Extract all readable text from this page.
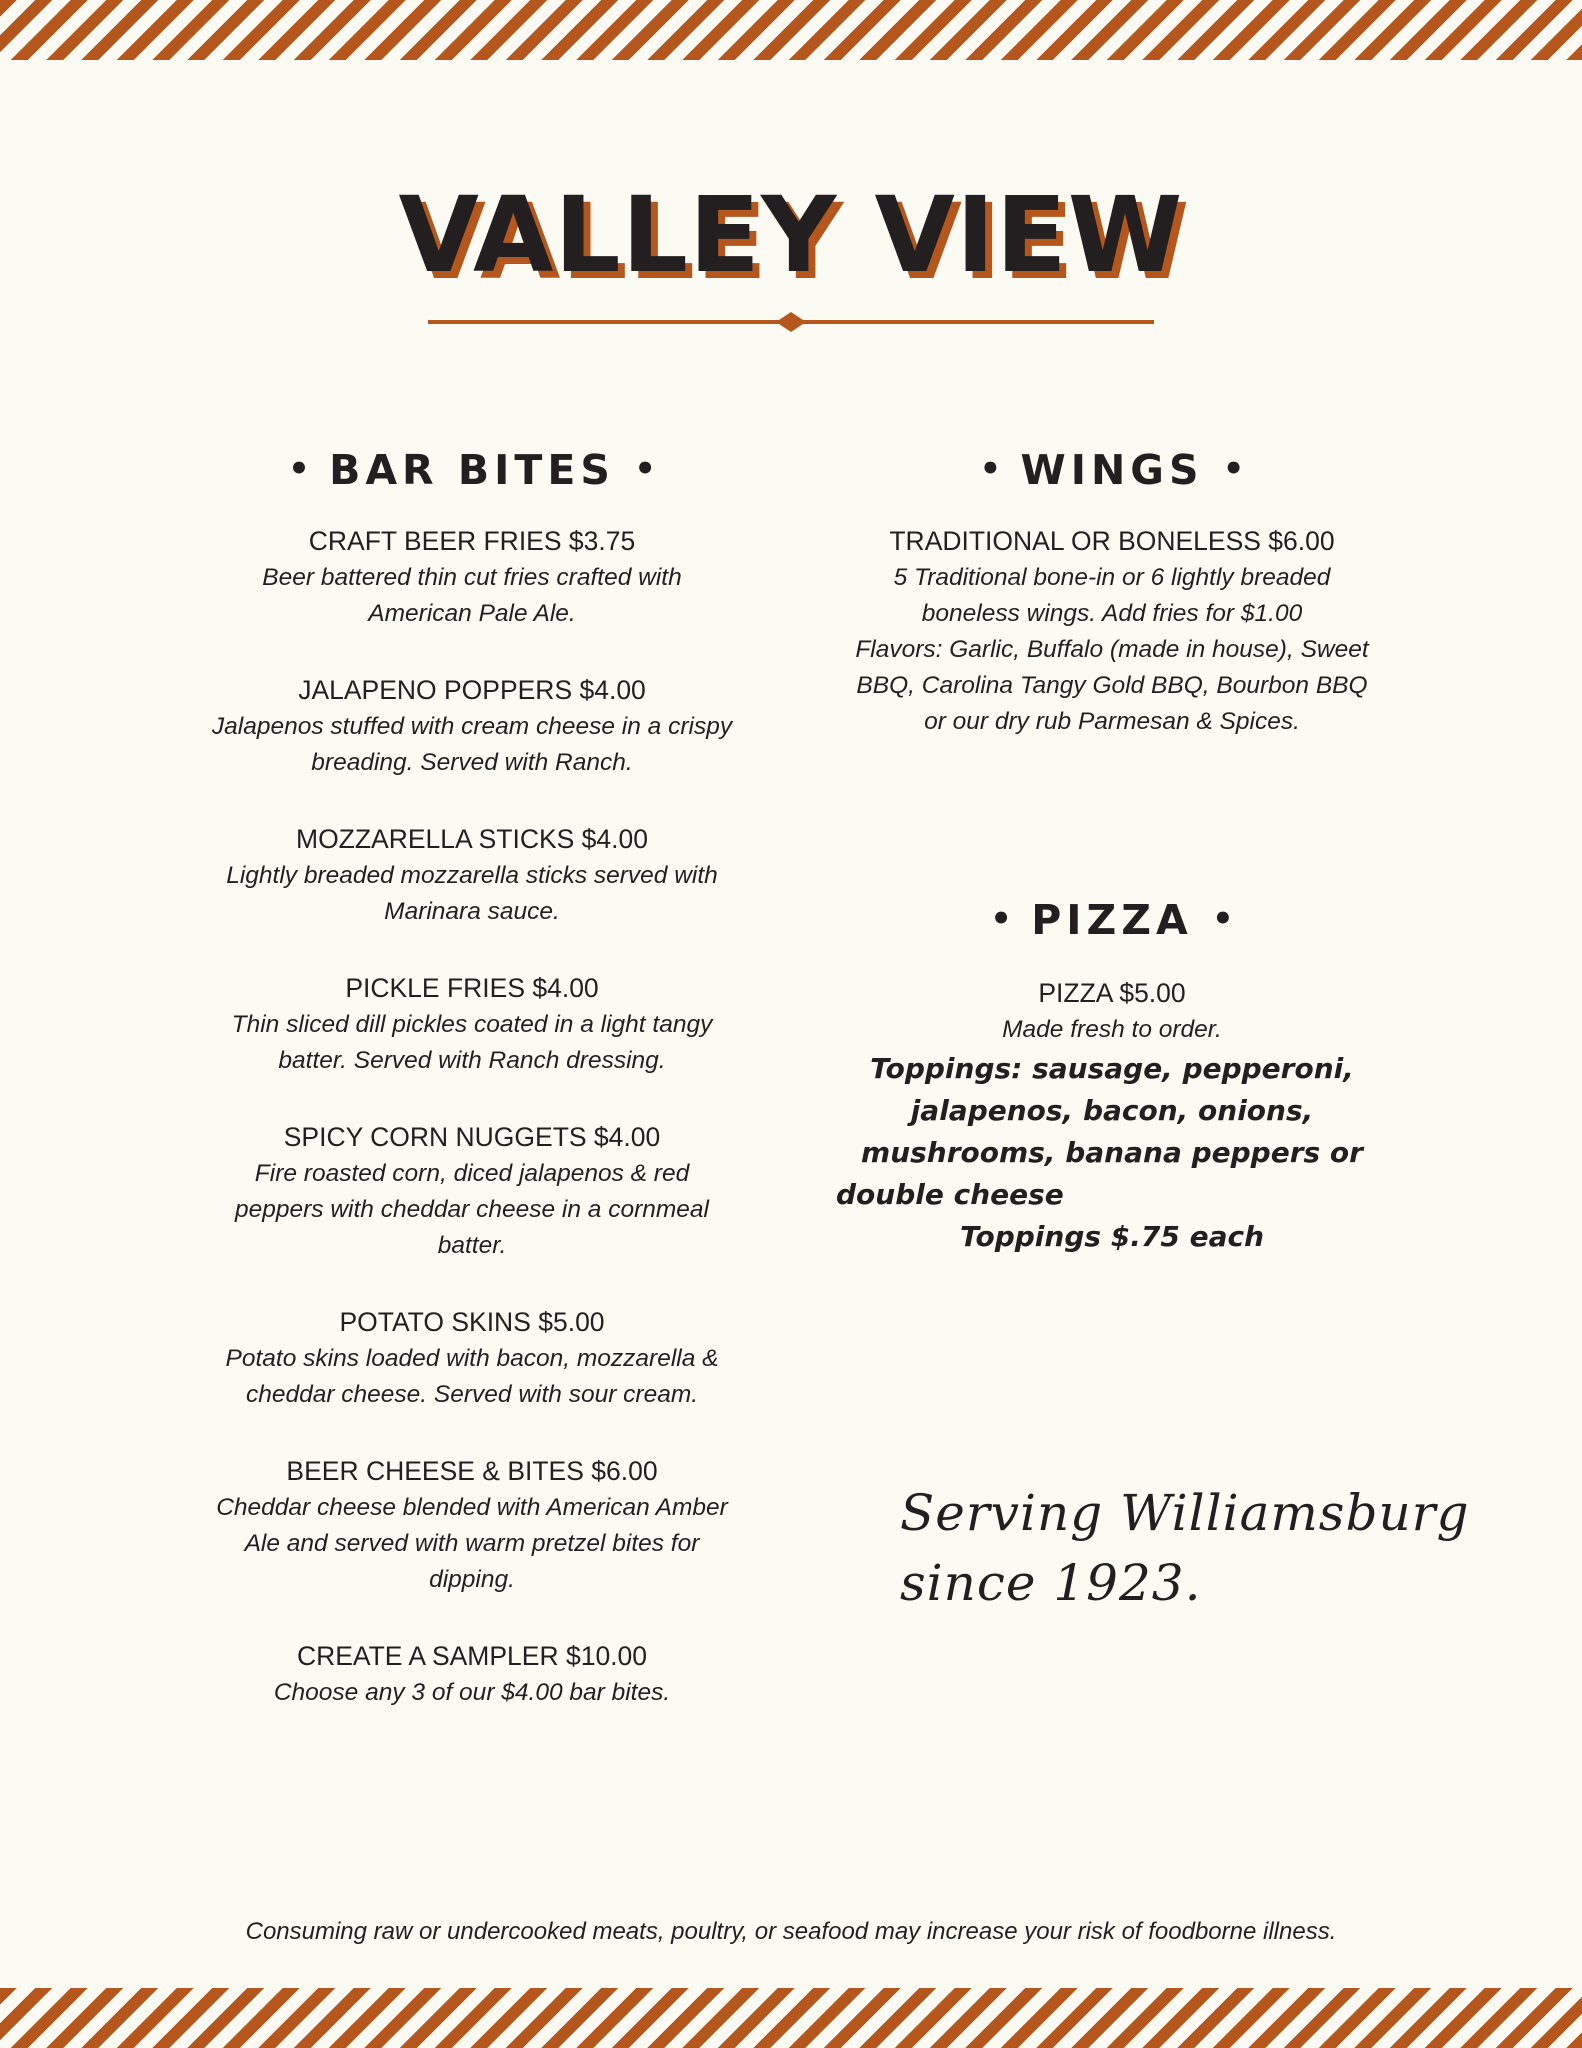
VALLEY VIEW
• BAR BITES •
CRAFT BEER FRIES $3.75
Beer battered thin cut fries crafted with
American Pale Ale.
JALAPENO POPPERS $4.00
Jalapenos stuffed with cream cheese in a crispy
breading. Served with Ranch.
MOZZARELLA STICKS $4.00
Lightly breaded mozzarella sticks served with
Marinara sauce.
PICKLE FRIES $4.00
Thin sliced dill pickles coated in a light tangy
batter. Served with Ranch dressing.
SPICY CORN NUGGETS $4.00
Fire roasted corn, diced jalapenos & red
peppers with cheddar cheese in a cornmeal
batter.
POTATO SKINS $5.00
Potato skins loaded with bacon, mozzarella &
cheddar cheese. Served with sour cream.
BEER CHEESE & BITES $6.00
Cheddar cheese blended with American Amber
Ale and served with warm pretzel bites for
dipping.
CREATE A SAMPLER $10.00
Choose any 3 of our $4.00 bar bites.
• WINGS •
TRADITIONAL OR BONELESS $6.00
5 Traditional bone-in or 6 lightly breaded
boneless wings. Add fries for $1.00
Flavors: Garlic, Buffalo (made in house), Sweet
BBQ, Carolina Tangy Gold BBQ, Bourbon BBQ
or our dry rub Parmesan & Spices.
• PIZZA •
PIZZA $5.00
Made fresh to order.
Toppings: sausage, pepperoni,
jalapenos, bacon, onions,
mushrooms, banana peppers or
double cheese
Toppings $.75 each
Serving Williamsburg since 1923.
Consuming raw or undercooked meats, poultry, or seafood may increase your risk of foodborne illness.
